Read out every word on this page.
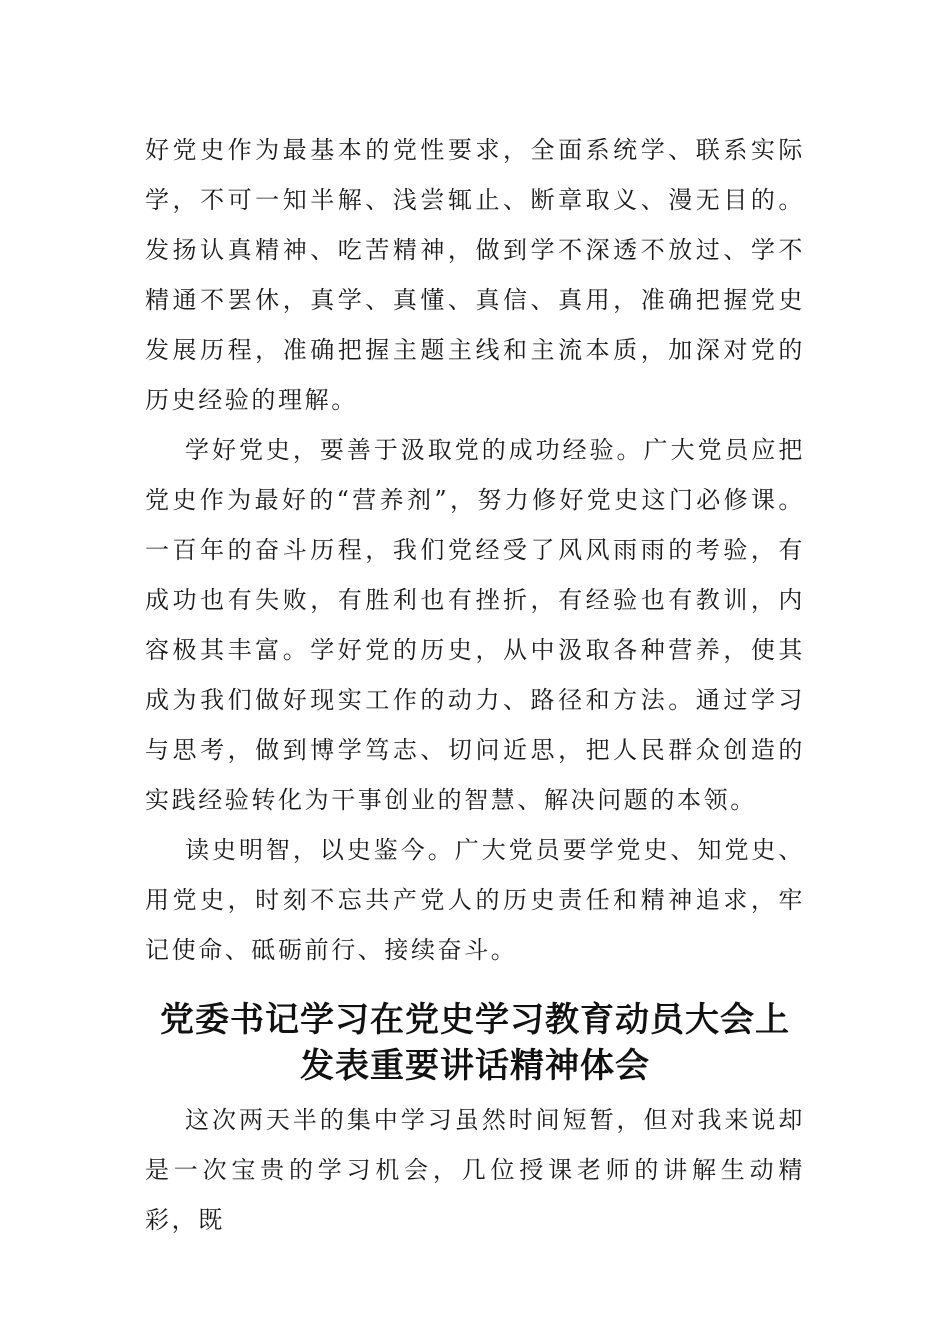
好党史作为最基本的党性要求，全面系统学、联系实际学，不可一知半解、浅尝辄止、断章取义、漫无目的。发扬认真精神、吃苦精神，做到学不深透不放过、学不精通不罢休，真学、真懂、真信、真用，准确把握党史发展历程，准确把握主题主线和主流本质，加深对党的历史经验的理解。

学好党史，要善于汲取党的成功经验。广大党员应把党史作为最好的“营养剂”，努力修好党史这门必修课。一百年的奋斗历程，我们党经受了风风雨雨的考验，有成功也有失败，有胜利也有挫折，有经验也有教训，内容极其丰富。学好党的历史，从中汲取各种营养，使其成为我们做好现实工作的动力、路径和方法。通过学习与思考，做到博学笃志、切问近思，把人民群众创造的实践经验转化为干事创业的智慧、解决问题的本领。

读史明智，以史鉴今。广大党员要学党史、知党史、用党史，时刻不忘共产党人的历史责任和精神追求，牢记使命、砥砺前行、接续奋斗。

党委书记学习在党史学习教育动员大会上
发表重要讲话精神体会

这次两天半的集中学习虽然时间短暂，但对我来说却是一次宝贵的学习机会，几位授课老师的讲解生动精彩，既
